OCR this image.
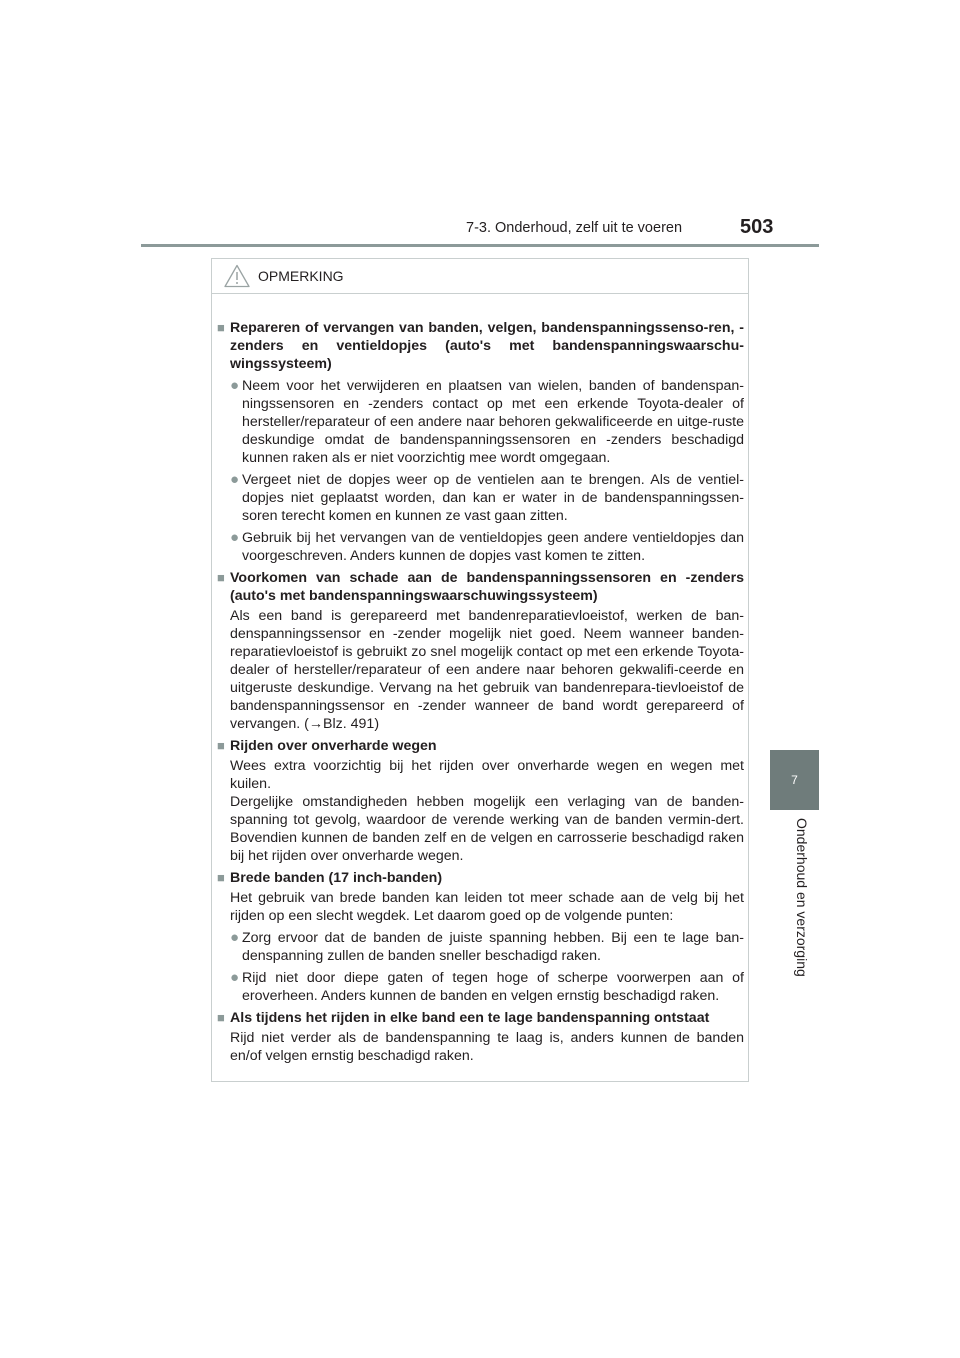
7-3. Onderhoud, zelf uit te voeren	503
7
Onderhoud en verzorging
OPMERKING
■ Repareren of vervangen van banden, velgen, bandenspanningssenso-ren, -zenders en ventieldopjes (auto's met bandenspanningswaarschu-wingssysteem)
● Neem voor het verwijderen en plaatsen van wielen, banden of bandenspan-ningssensoren en -zenders contact op met een erkende Toyota-dealer of hersteller/reparateur of een andere naar behoren gekwalificeerde en uitge-ruste deskundige omdat de bandenspanningssensoren en -zenders beschadigd kunnen raken als er niet voorzichtig mee wordt omgegaan.
● Vergeet niet de dopjes weer op de ventielen aan te brengen. Als de ventiel-dopjes niet geplaatst worden, dan kan er water in de bandenspanningssen-soren terecht komen en kunnen ze vast gaan zitten.
● Gebruik bij het vervangen van de ventieldopjes geen andere ventieldopjes dan voorgeschreven. Anders kunnen de dopjes vast komen te zitten.
■ Voorkomen van schade aan de bandenspanningssensoren en -zenders (auto's met bandenspanningswaarschuwingssysteem)
Als een band is gerepareerd met bandenreparatievloeistof, werken de ban-denspanningssensor en -zender mogelijk niet goed. Neem wanneer banden-reparatievloeistof is gebruikt zo snel mogelijk contact op met een erkende Toyota-dealer of hersteller/reparateur of een andere naar behoren gekwalifi-ceerde en uitgeruste deskundige. Vervang na het gebruik van bandenrepara-tievloeistof de bandenspanningssensor en -zender wanneer de band wordt gerepareerd of vervangen. (→Blz. 491)
■ Rijden over onverharde wegen
Wees extra voorzichtig bij het rijden over onverharde wegen en wegen met kuilen.
Dergelijke omstandigheden hebben mogelijk een verlaging van de banden-spanning tot gevolg, waardoor de verende werking van de banden vermin-dert. Bovendien kunnen de banden zelf en de velgen en carrosserie beschadigd raken bij het rijden over onverharde wegen.
■ Brede banden (17 inch-banden)
Het gebruik van brede banden kan leiden tot meer schade aan de velg bij het rijden op een slecht wegdek. Let daarom goed op de volgende punten:
● Zorg ervoor dat de banden de juiste spanning hebben. Bij een te lage ban-denspanning zullen de banden sneller beschadigd raken.
● Rijd niet door diepe gaten of tegen hoge of scherpe voorwerpen aan of eroverheen. Anders kunnen de banden en velgen ernstig beschadigd raken.
■ Als tijdens het rijden in elke band een te lage bandenspanning ontstaat
Rijd niet verder als de bandenspanning te laag is, anders kunnen de banden en/of velgen ernstig beschadigd raken.
